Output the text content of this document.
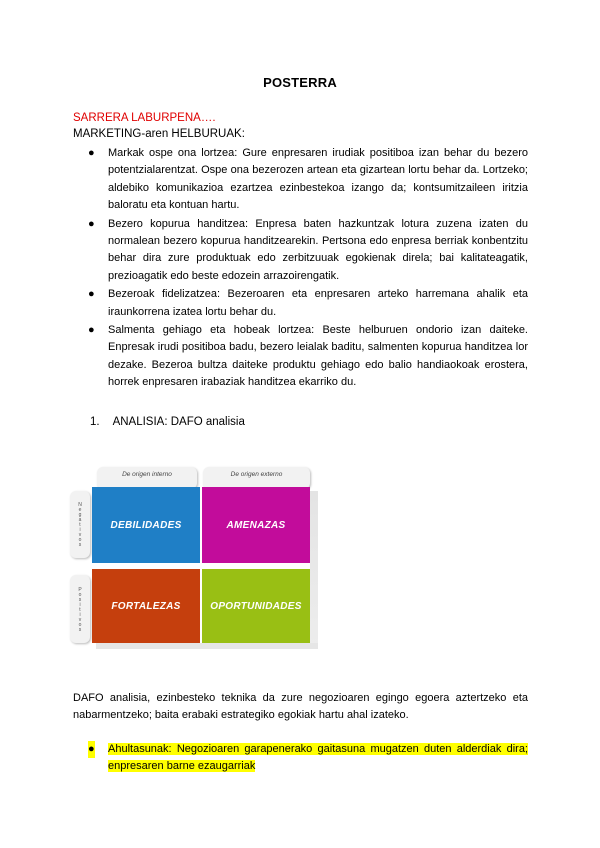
POSTERRA
SARRERA LABURPENA….
MARKETING-aren HELBURUAK:
● Markak ospe ona lortzea: Gure enpresaren irudiak positiboa izan behar du bezero potentzialarentzat. Ospe ona bezerozen artean eta gizartean lortu behar da. Lortzeko; aldebiko komunikazioa ezartzea ezinbestekoa izango da; kontsumitzaileen iritzia baloratu eta kontuan hartu.
● Bezero kopurua handitzea: Enpresa baten hazkuntzak lotura zuzena izaten du normalean bezero kopurua handitzearekin. Pertsona edo enpresa berriak konbentzitu behar dira zure produktuak edo zerbitzuuak egokienak direla; bai kalitateagatik, prezioagatik edo beste edozein arrazoirengatik.
● Bezeroak fidelizatzea: Bezeroaren eta enpresaren arteko harremana ahalik eta iraunkorrena izatea lortu behar du.
● Salmenta gehiago eta hobeak lortzea: Beste helburuen ondorio izan daiteke. Enpresak irudi positiboa badu, bezero leialak baditu, salmenten kopurua handitzea lor dezake. Bezeroa bultza daiteke produktu gehiago edo balio handiaokoak erostera, horrek enpresaren irabaziak handitzea ekarriko du.
1. ANALISIA: DAFO analisia
De origen interno	De origen externo
Negativos
Positivos
DEBILIDADES	AMENAZAS
FORTALEZAS	OPORTUNIDADES
DAFO analisia, ezinbesteko teknika da zure negozioaren egingo egoera aztertzeko eta nabarmentzeko; baita erabaki estrategiko egokiak hartu ahal izateko.
● Ahultasunak: Negozioaren garapenerako gaitasuna mugatzen duten alderdiak dira; enpresaren barne ezaugarriak
